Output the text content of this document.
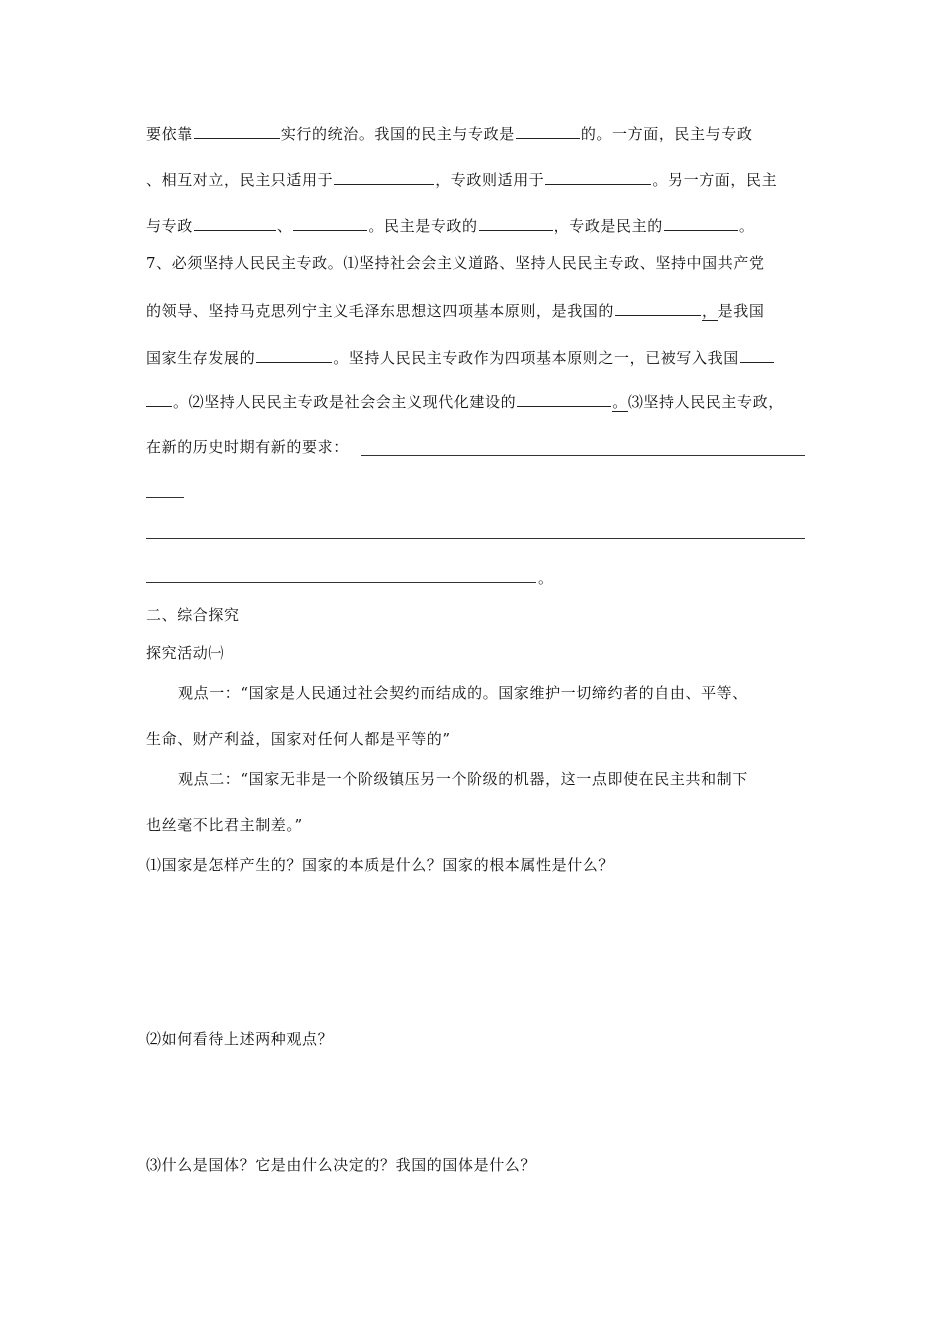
要依靠	实行的统治。我国的民主与专政是	的。一方面，民主与专政
、相互对立，民主只适用于	，专政则适用于	。另一方面，民主
与专政	、	。民主是专政的	，专政是民主的	。
7、必须坚持人民民主专政。⑴坚持社会会主义道路、坚持人民民主专政、坚持中国共产党
的领导、坚持马克思列宁主义毛泽东思想这四项基本原则，是我国的	，是我国
国家生存发展的	。坚持人民民主专政作为四项基本原则之一，已被写入我国
。⑵坚持人民民主专政是社会会主义现代化建设的	。⑶坚持人民民主专政，
在新的历史时期有新的要求：
。
二、综合探究
探究活动㈠
观点一：“国家是人民通过社会契约而结成的。国家维护一切缔约者的自由、平等、
生命、财产利益，国家对任何人都是平等的”
观点二：“国家无非是一个阶级镇压另一个阶级的机器，这一点即使在民主共和制下
也丝毫不比君主制差。”
⑴国家是怎样产生的？国家的本质是什么？国家的根本属性是什么？
⑵如何看待上述两种观点？
⑶什么是国体？它是由什么决定的？我国的国体是什么？
